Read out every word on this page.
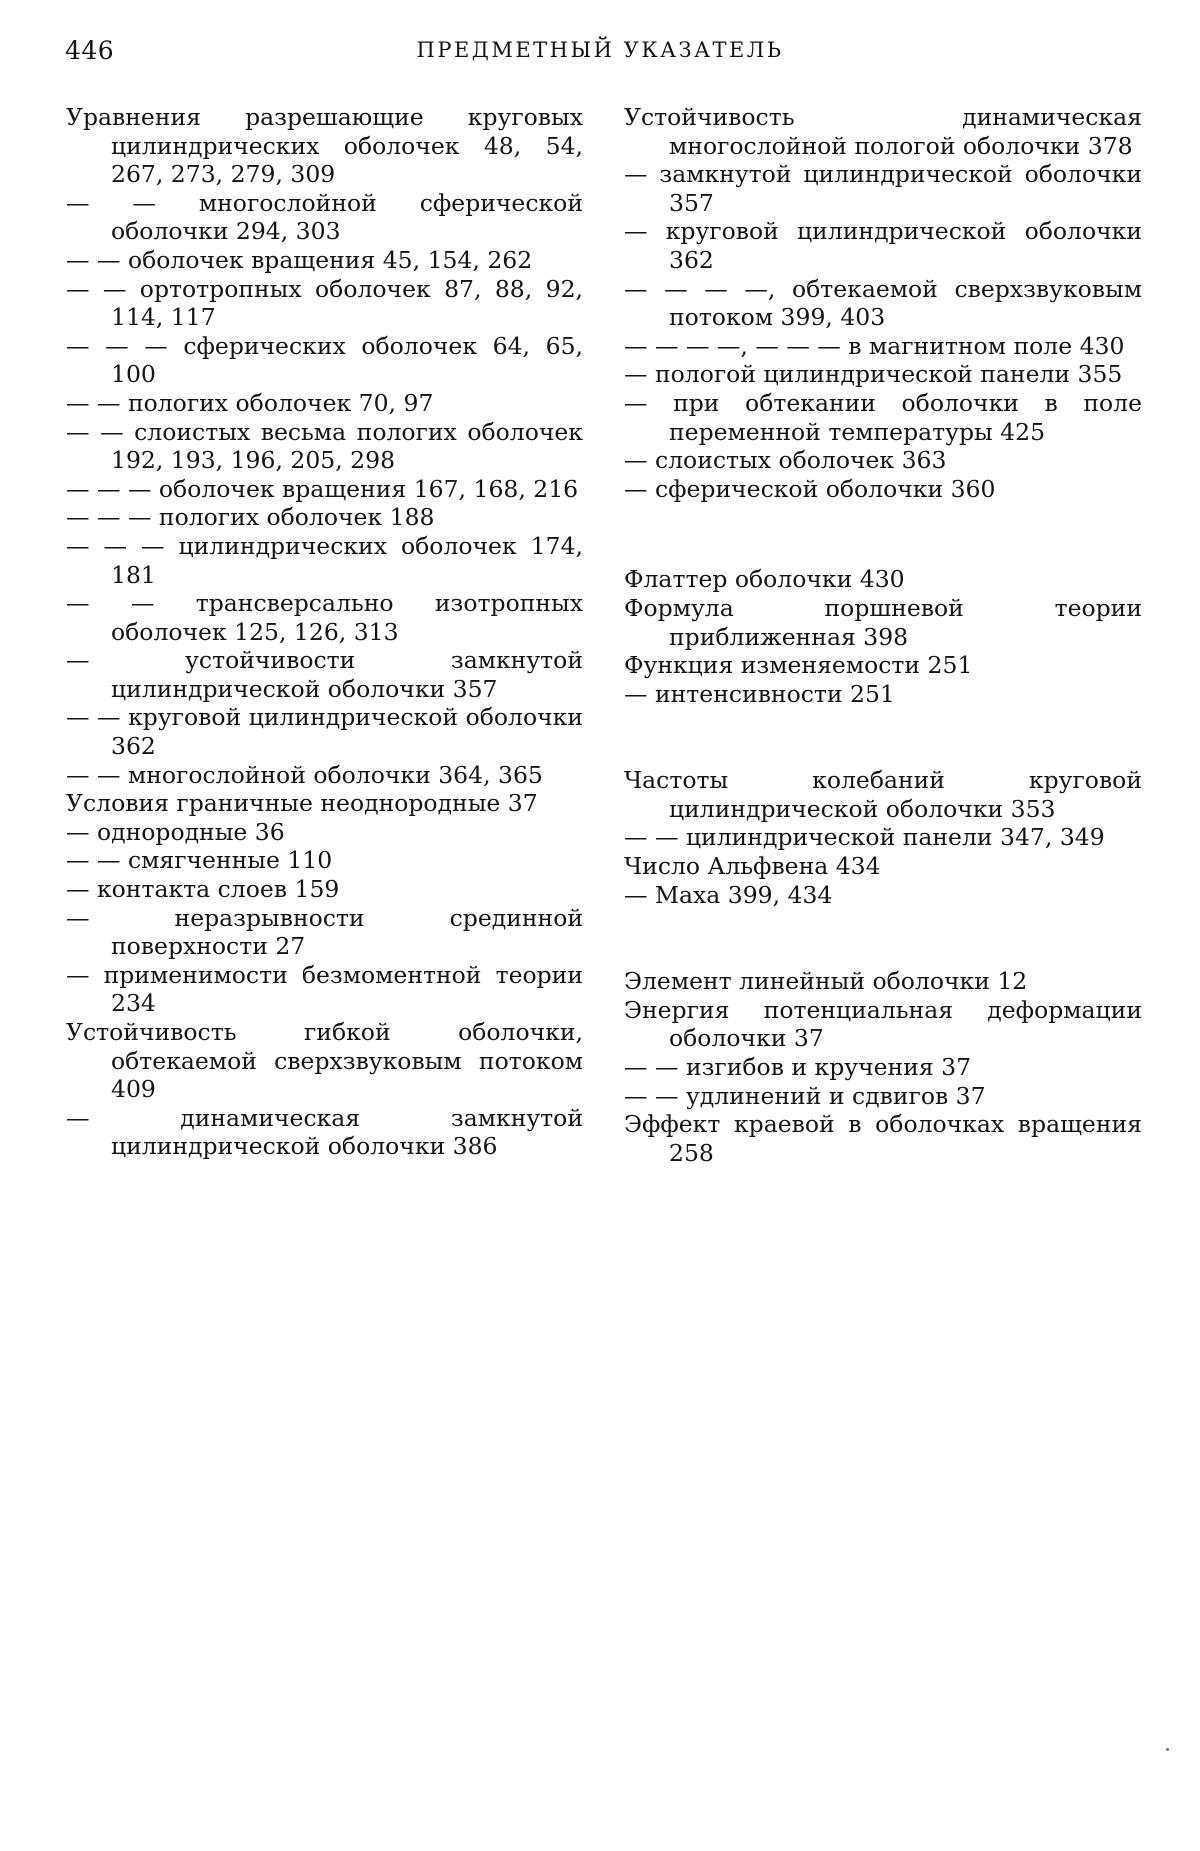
446	ПРЕДМЕТНЫЙ УКАЗАТЕЛЬ
Уравнения разрешающие круговых цилиндрических оболочек 48, 54, 267, 273, 279, 309
— — многослойной сферической оболочки 294, 303
— — оболочек вращения 45, 154, 262
— — ортотропных оболочек 87, 88, 92, 114, 117
— — — сферических оболочек 64, 65, 100
— — пологих оболочек 70, 97
— — слоистых весьма пологих оболочек 192, 193, 196, 205, 298
— — — оболочек вращения 167, 168, 216
— — — пологих оболочек 188
— — — цилиндрических оболочек 174, 181
— — трансверсально изотропных оболочек 125, 126, 313
— устойчивости замкнутой цилиндрической оболочки 357
— — круговой цилиндрической оболочки 362
— — многослойной оболочки 364, 365
Условия граничные неоднородные 37
— однородные 36
— — смягченные 110
— контакта слоев 159
— неразрывности срединной поверхности 27
— применимости безмоментной теории 234
Устойчивость гибкой оболочки, обтекаемой сверхзвуковым потоком 409
— динамическая замкнутой цилиндрической оболочки 386
Устойчивость динамическая многослойной пологой оболочки 378
— замкнутой цилиндрической оболочки 357
— круговой цилиндрической оболочки 362
— — — —, обтекаемой сверхзвуковым потоком 399, 403
— — — —, — — — в магнитном поле 430
— пологой цилиндрической панели 355
— при обтекании оболочки в поле переменной температуры 425
— слоистых оболочек 363
— сферической оболочки 360
Флаттер оболочки 430
Формула поршневой теории приближенная 398
Функция изменяемости 251
— интенсивности 251
Частоты колебаний круговой цилиндрической оболочки 353
— — цилиндрической панели 347, 349
Число Альфвена 434
— Маха 399, 434
Элемент линейный оболочки 12
Энергия потенциальная деформации оболочки 37
— — изгибов и кручения 37
— — удлинений и сдвигов 37
Эффект краевой в оболочках вращения 258
